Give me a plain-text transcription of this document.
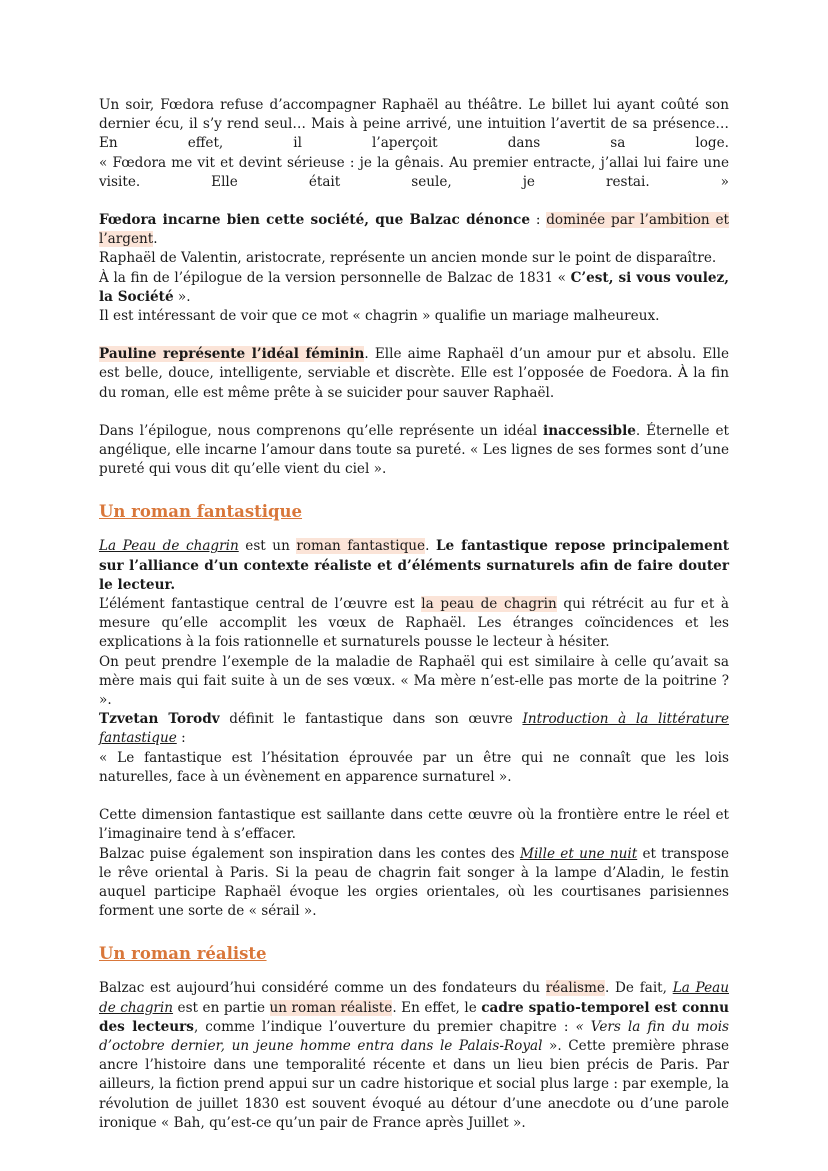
Un soir, Fœdora refuse d’accompagner Raphaël au théâtre. Le billet lui ayant coûté son dernier écu, il s’y rend seul… Mais à peine arrivé, une intuition l’avertit de sa présence… En effet, il l’aperçoit dans sa loge.

« Fœdora me vit et devint sérieuse : je la gênais. Au premier entracte, j’allai lui faire une visite. Elle était seule, je restai. »

Fœdora incarne bien cette société, que Balzac dénonce : dominée par l’ambition et l’argent.

Raphaël de Valentin, aristocrate, représente un ancien monde sur le point de disparaître.

À la fin de l’épilogue de la version personnelle de Balzac de 1831 « C’est, si vous voulez, la Société ».

Il est intéressant de voir que ce mot « chagrin » qualifie un mariage malheureux.

Pauline représente l’idéal féminin. Elle aime Raphaël d’un amour pur et absolu. Elle est belle, douce, intelligente, serviable et discrète. Elle est l’opposée de Foedora. À la fin du roman, elle est même prête à se suicider pour sauver Raphaël.

Dans l’épilogue, nous comprenons qu’elle représente un idéal inaccessible. Éternelle et angélique, elle incarne l’amour dans toute sa pureté. « Les lignes de ses formes sont d’une pureté qui vous dit qu’elle vient du ciel ».

Un roman fantastique

La Peau de chagrin est un roman fantastique. Le fantastique repose principalement sur l’alliance d’un contexte réaliste et d’éléments surnaturels afin de faire douter le lecteur.

L’élément fantastique central de l’œuvre est la peau de chagrin qui rétrécit au fur et à mesure qu’elle accomplit les vœux de Raphaël. Les étranges coïncidences et les explications à la fois rationnelle et surnaturels pousse le lecteur à hésiter.

On peut prendre l’exemple de la maladie de Raphaël qui est similaire à celle qu’avait sa mère mais qui fait suite à un de ses vœux. « Ma mère n’est-elle pas morte de la poitrine ? ».

Tzvetan Torodv définit le fantastique dans son œuvre Introduction à la littérature fantastique :

« Le fantastique est l’hésitation éprouvée par un être qui ne connaît que les lois naturelles, face à un évènement en apparence surnaturel ».

Cette dimension fantastique est saillante dans cette œuvre où la frontière entre le réel et l’imaginaire tend à s’effacer.

Balzac puise également son inspiration dans les contes des Mille et une nuit et transpose le rêve oriental à Paris. Si la peau de chagrin fait songer à la lampe d’Aladin, le festin auquel participe Raphaël évoque les orgies orientales, où les courtisanes parisiennes forment une sorte de « sérail ».

Un roman réaliste

Balzac est aujourd’hui considéré comme un des fondateurs du réalisme. De fait, La Peau de chagrin est en partie un roman réaliste. En effet, le cadre spatio-temporel est connu des lecteurs, comme l’indique l’ouverture du premier chapitre : « Vers la fin du mois d’octobre dernier, un jeune homme entra dans le Palais-Royal ». Cette première phrase ancre l’histoire dans une temporalité récente et dans un lieu bien précis de Paris. Par ailleurs, la fiction prend appui sur un cadre historique et social plus large : par exemple, la révolution de juillet 1830 est souvent évoqué au détour d’une anecdote ou d’une parole ironique « Bah, qu’est-ce qu’un pair de France après Juillet ».
